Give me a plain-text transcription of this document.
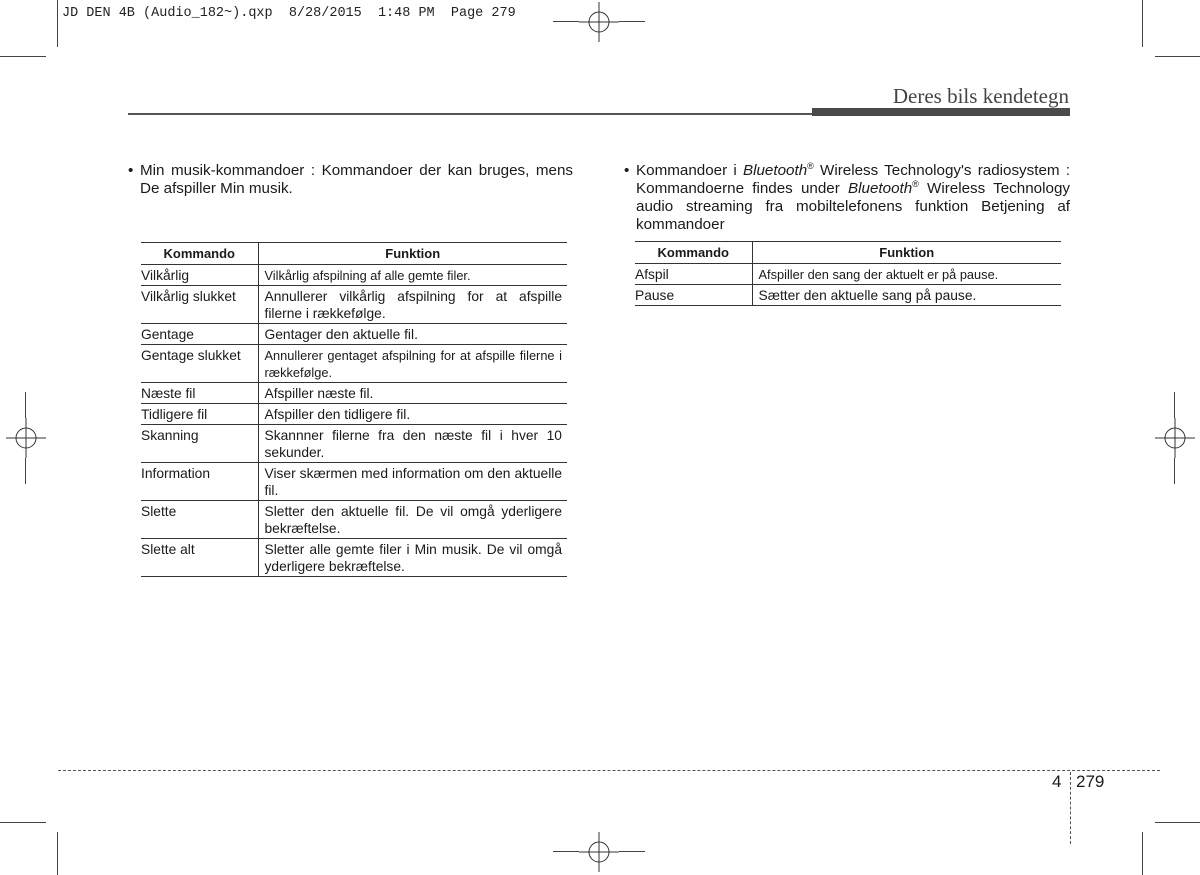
JD DEN 4B (Audio_182~).qxp  8/28/2015  1:48 PM  Page 279
Deres bils kendetegn
• Min musik-kommandoer : Kommandoer der kan bruges, mens De afspiller Min musik.

Kommando	Funktion
Vilkårlig	Vilkårlig afspilning af alle gemte filer.
Vilkårlig slukket	Annullerer vilkårlig afspilning for at afspille filerne i rækkefølge.
Gentage	Gentager den aktuelle fil.
Gentage slukket	Annullerer gentaget afspilning for at afspille filerne i rækkefølge.
Næste fil	Afspiller næste fil.
Tidligere fil	Afspiller den tidligere fil.
Skanning	Skannner filerne fra den næste fil i hver 10 sekunder.
Information	Viser skærmen med information om den aktuelle fil.
Slette	Sletter den aktuelle fil. De vil omgå yderligere bekræftelse.
Slette alt	Sletter alle gemte filer i Min musik. De vil omgå yderligere bekræftelse.
• Kommandoer i Bluetooth® Wireless Technology's radiosystem : Kommandoerne findes under Bluetooth® Wireless Technology audio streaming fra mobiltelefonens funktion Betjening af kommandoer

Kommando	Funktion
Afspil	Afspiller den sang der aktuelt er på pause.
Pause	Sætter den aktuelle sang på pause.
4 279
